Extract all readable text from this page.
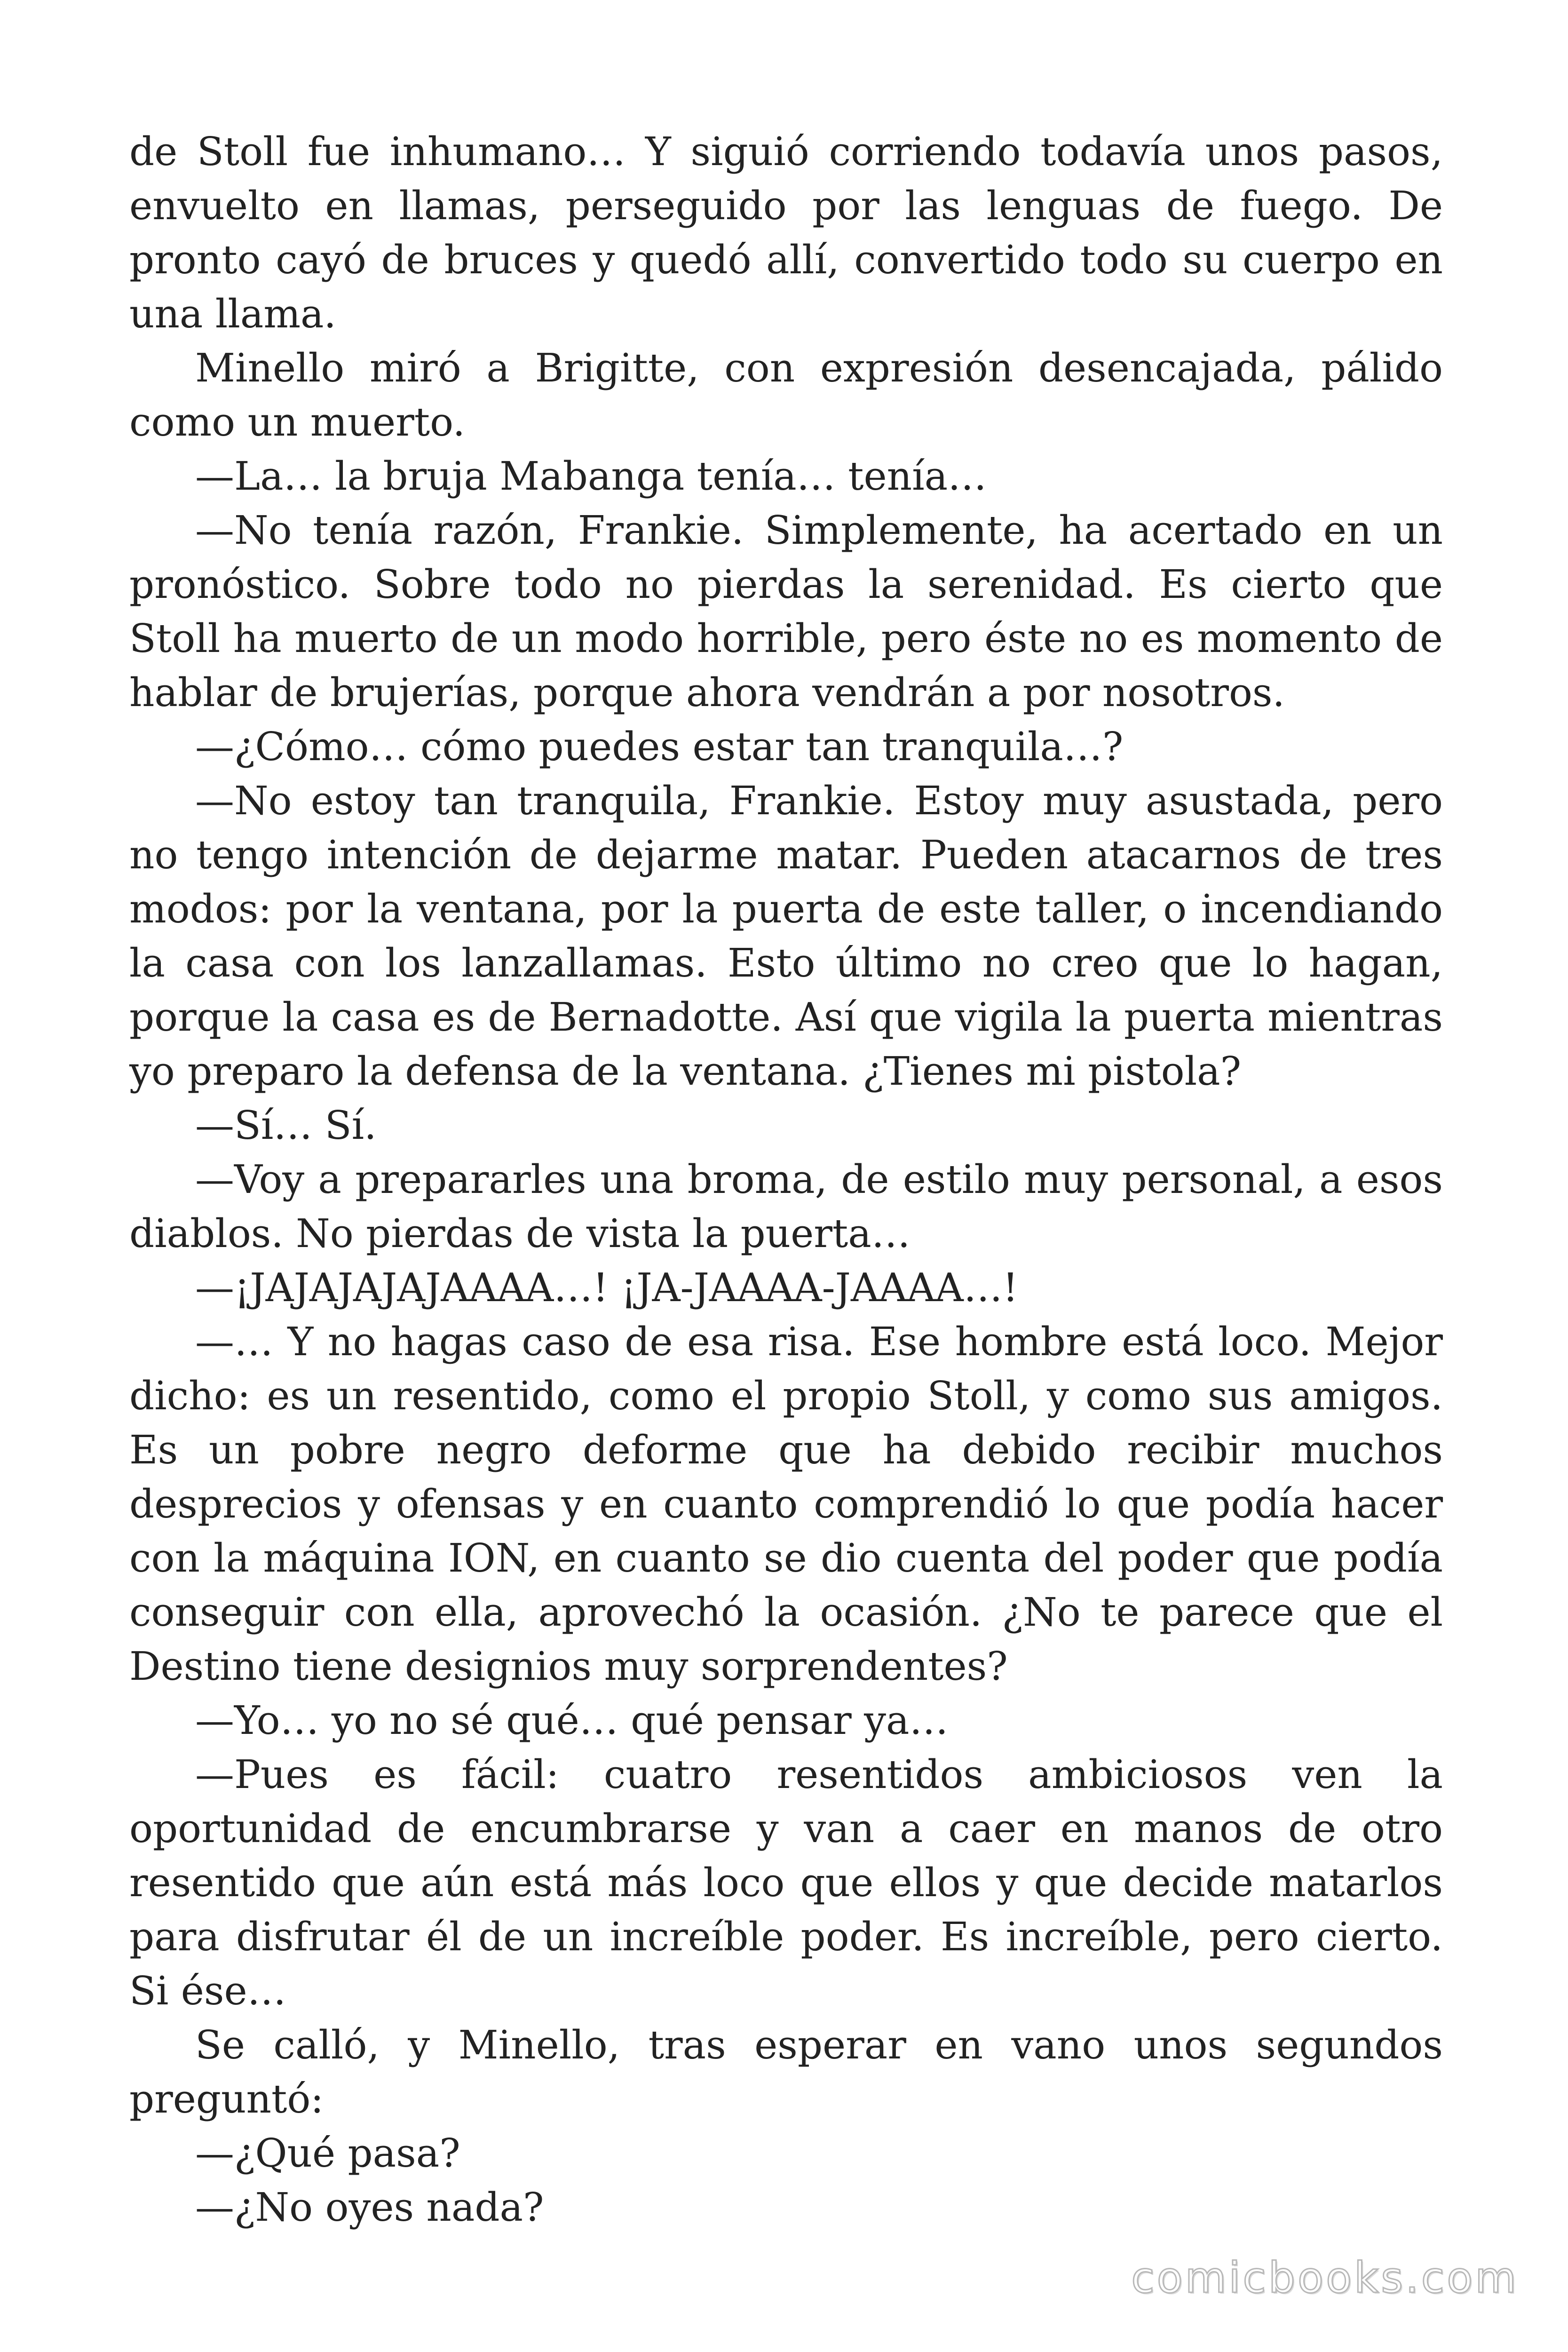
de Stoll fue inhumano… Y siguió corriendo todavía unos pasos, envuelto en llamas, perseguido por las lenguas de fuego. De pronto cayó de bruces y quedó allí, convertido todo su cuerpo en una llama.

Minello miró a Brigitte, con expresión desencajada, pálido como un muerto.

—La… la bruja Mabanga tenía… tenía…

—No tenía razón, Frankie. Simplemente, ha acertado en un pronóstico. Sobre todo no pierdas la serenidad. Es cierto que Stoll ha muerto de un modo horrible, pero éste no es momento de hablar de brujerías, porque ahora vendrán a por nosotros.

—¿Cómo… cómo puedes estar tan tranquila…?

—No estoy tan tranquila, Frankie. Estoy muy asustada, pero no tengo intención de dejarme matar. Pueden atacarnos de tres modos: por la ventana, por la puerta de este taller, o incendiando la casa con los lanzallamas. Esto último no creo que lo hagan, porque la casa es de Bernadotte. Así que vigila la puerta mientras yo preparo la defensa de la ventana. ¿Tienes mi pistola?

—Sí… Sí.

—Voy a prepararles una broma, de estilo muy personal, a esos diablos. No pierdas de vista la puerta…

—¡JAJAJAJAJAAAA…! ¡JA-JAAAA-JAAAA…!

—… Y no hagas caso de esa risa. Ese hombre está loco. Mejor dicho: es un resentido, como el propio Stoll, y como sus amigos. Es un pobre negro deforme que ha debido recibir muchos desprecios y ofensas y en cuanto comprendió lo que podía hacer con la máquina ION, en cuanto se dio cuenta del poder que podía conseguir con ella, aprovechó la ocasión. ¿No te parece que el Destino tiene designios muy sorprendentes?

—Yo… yo no sé qué… qué pensar ya…

—Pues es fácil: cuatro resentidos ambiciosos ven la oportunidad de encumbrarse y van a caer en manos de otro resentido que aún está más loco que ellos y que decide matarlos para disfrutar él de un increíble poder. Es increíble, pero cierto. Si ése…

Se calló, y Minello, tras esperar en vano unos segundos preguntó:

—¿Qué pasa?

—¿No oyes nada?

comicbooks.com
